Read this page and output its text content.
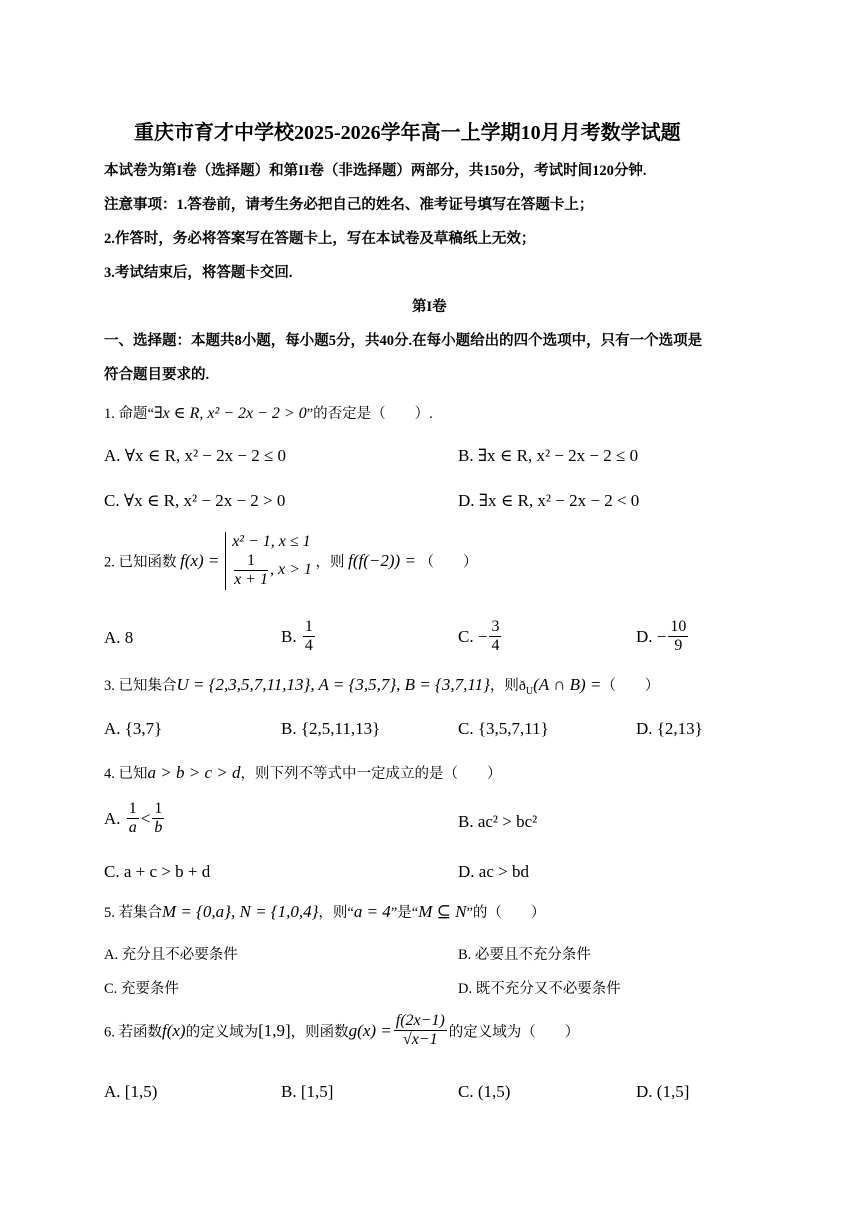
重庆市育才中学校2025-2026学年高一上学期10月月考数学试题
本试卷为第I卷（选择题）和第II卷（非选择题）两部分，共150分，考试时间120分钟.
注意事项：1.答卷前，请考生务必把自己的姓名、准考证号填写在答题卡上；
2.作答时，务必将答案写在答题卡上，写在本试卷及草稿纸上无效；
3.考试结束后，将答题卡交回.
第I卷
一、选择题：本题共8小题，每小题5分，共40分.在每小题给出的四个选项中，只有一个选项是
符合题目要求的.
1. 命题“∃x ∈ R, x² − 2x − 2 > 0”的否定是（　　）.
A. ∀x ∈ R, x² − 2x − 2 ≤ 0	B. ∃x ∈ R, x² − 2x − 2 ≤ 0
C. ∀x ∈ R, x² − 2x − 2 > 0	D. ∃x ∈ R, x² − 2x − 2 < 0
2. 已知函数 f(x) =
x² − 1, x ≤ 1
$\frac{1}{x + 1}$ , x > 1 ，则 f(f(−2)) = （　　）
A. 8	B. $\frac{1}{4}$	C. − $\frac{3}{4}$	D. − $\frac{10}{9}$
3. 已知集合U = {2,3,5,7,11,13}, A = {3,5,7}, B = {3,7,11}，则$ð_U(A$ ∩ B) =（　　）
A. {3,7}	B. {2,5,11,13}	C. {3,5,7,11}	D. {2,13}
4. 已知a > b > c > d，则下列不等式中一定成立的是（　　）
A. $\frac{1}{a} < \frac{1}{b}$	B. ac² > bc²
C. a + c > b + d	D. ac > bd
5. 若集合M = {0,a}, N = {1,0,4}，则“a = 4”是“M ⊆ N”的（　　）
A. 充分且不必要条件	B. 必要且不充分条件
C. 充要条件	D. 既不充分又不必要条件
6. 若函数f(x)的定义域为[1,9]，则函数$g(x) = \frac{f(2x-1)}{√x-1}$ 的定义域为（　　）
A. [1,5)	B. [1,5]	C. (1,5)	D. (1,5]
